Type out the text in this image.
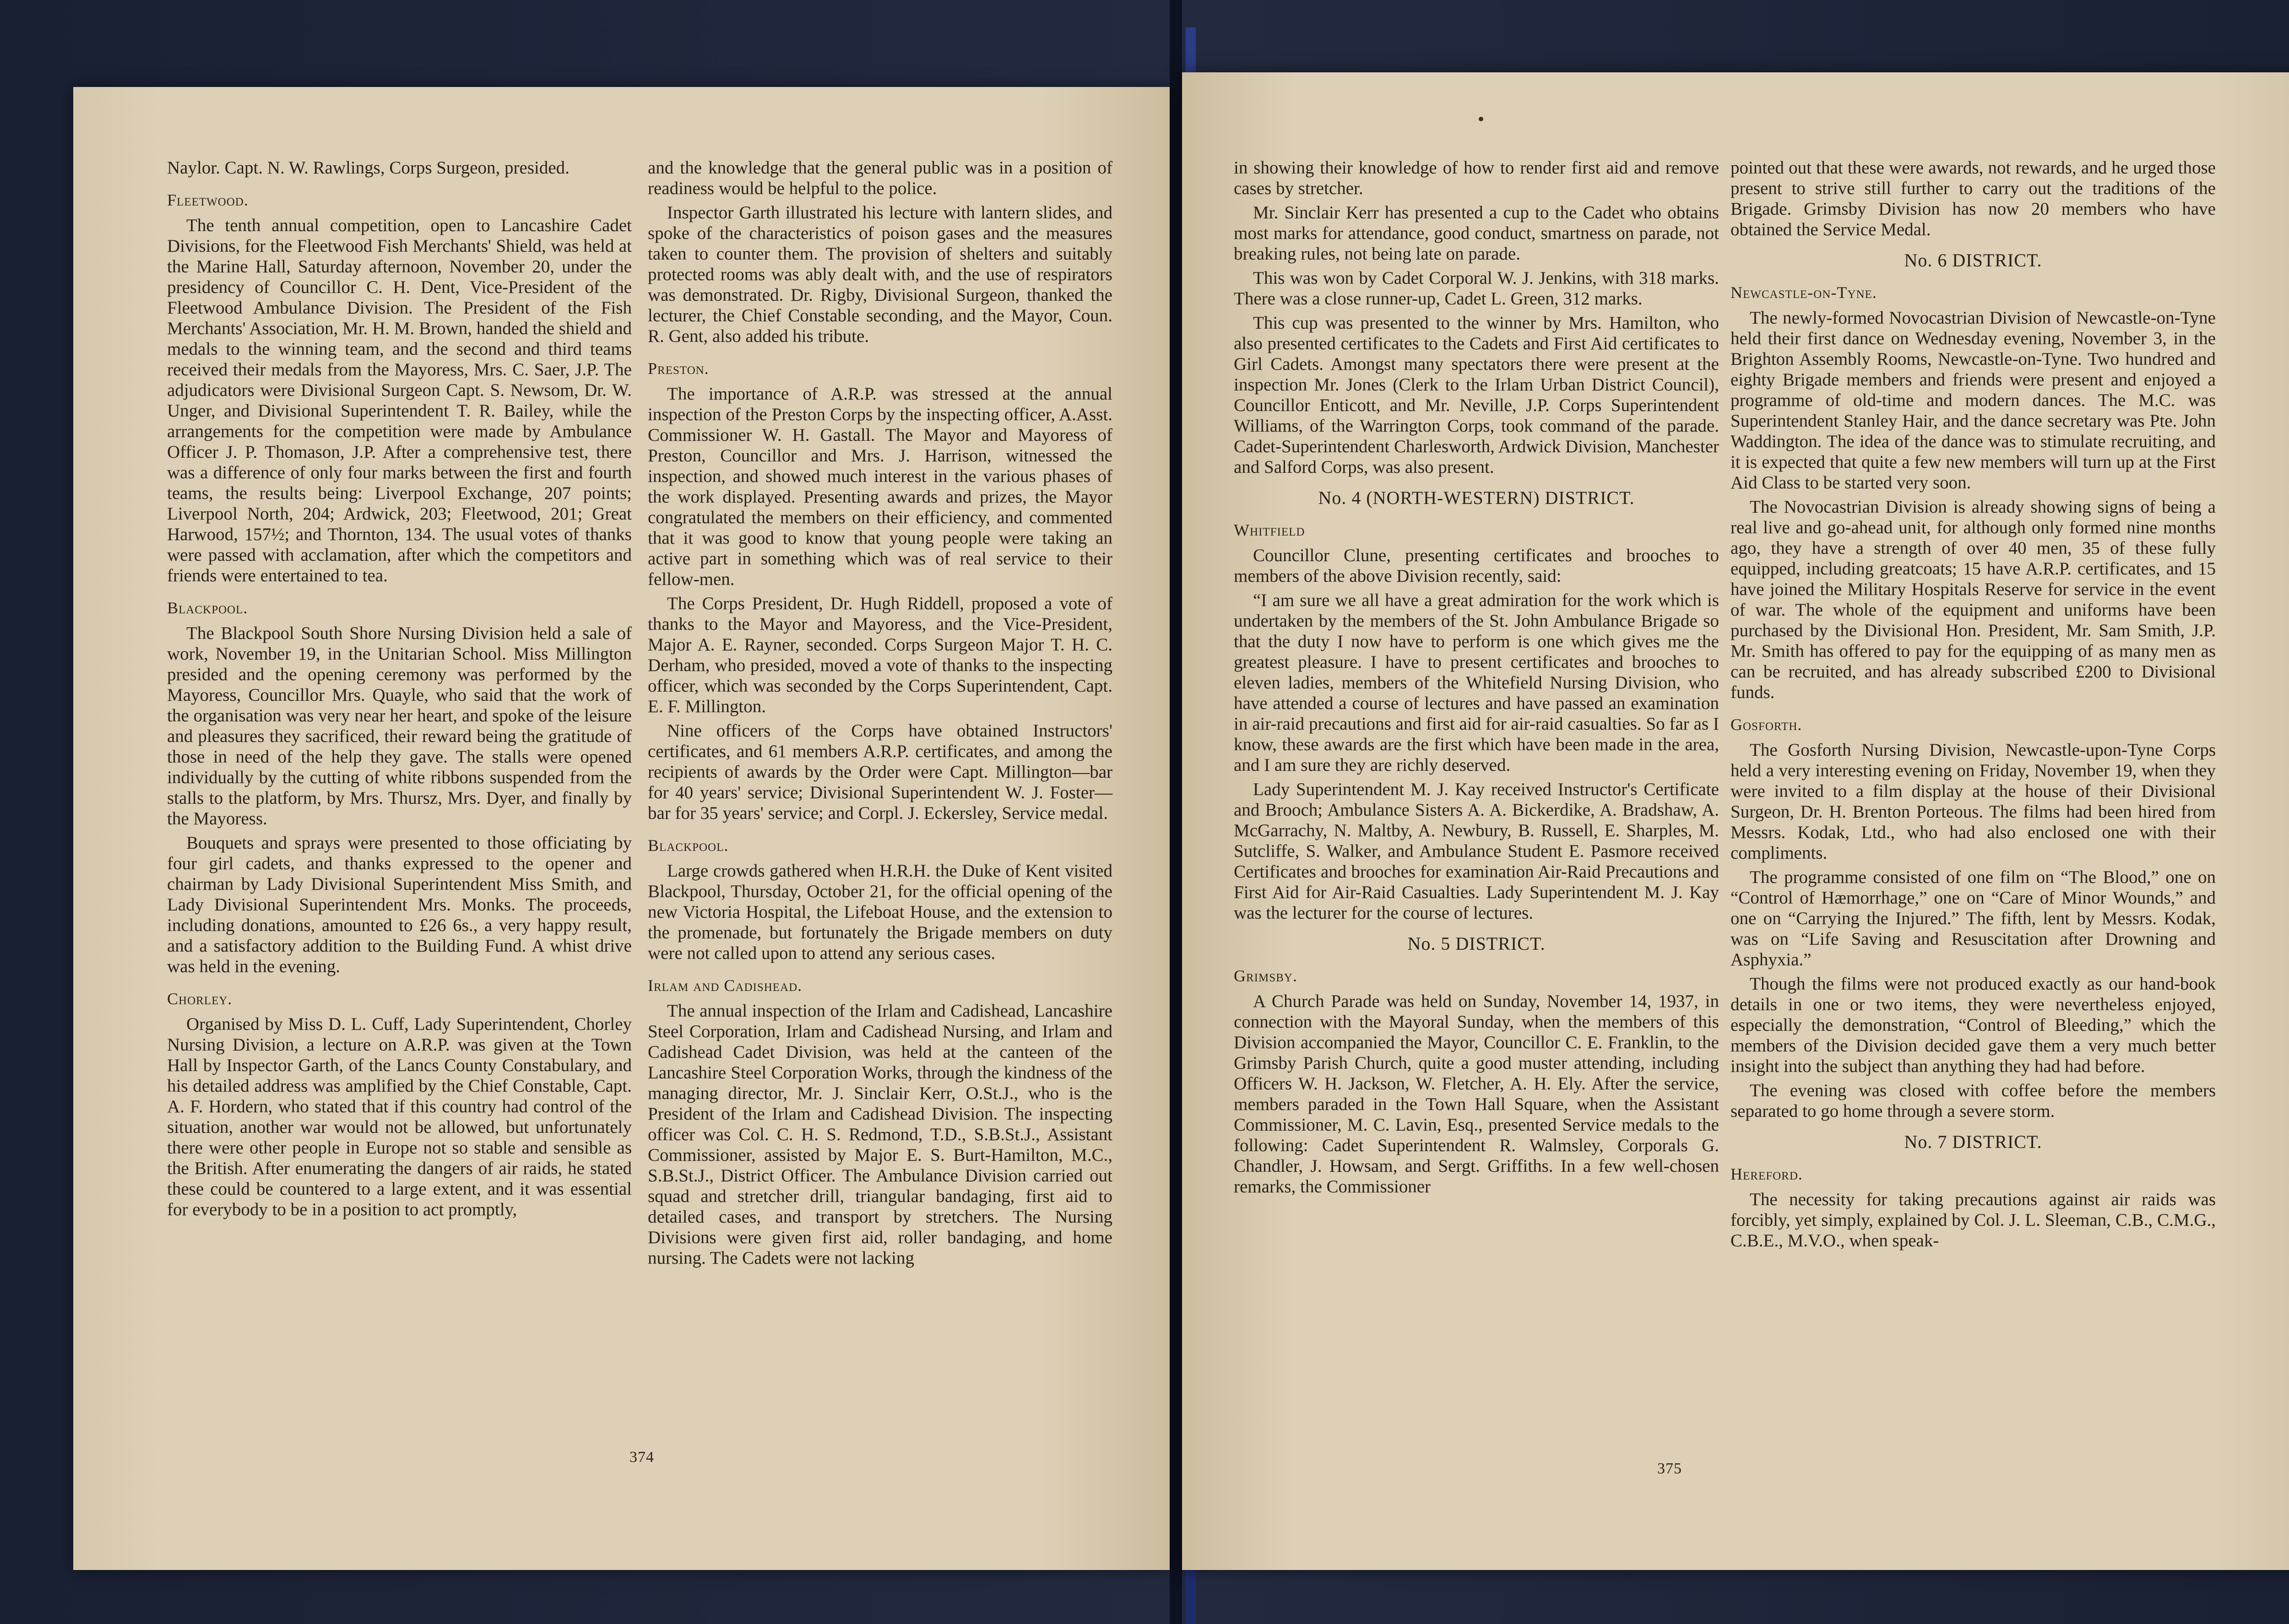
Naylor. Capt. N. W. Rawlings, Corps Surgeon, presided.

Fleetwood.

The tenth annual competition, open to Lancashire Cadet Divisions, for the Fleetwood Fish Merchants' Shield, was held at the Marine Hall, Saturday afternoon, November 20, under the presidency of Councillor C. H. Dent, Vice-President of the Fleetwood Ambulance Division. The President of the Fish Merchants' Association, Mr. H. M. Brown, handed the shield and medals to the winning team, and the second and third teams received their medals from the Mayoress, Mrs. C. Saer, J.P. The adjudicators were Divisional Surgeon Capt. S. Newsom, Dr. W. Unger, and Divisional Superintendent T. R. Bailey, while the arrangements for the competition were made by Ambulance Officer J. P. Thomason, J.P. After a comprehensive test, there was a difference of only four marks between the first and fourth teams, the results being: Liverpool Exchange, 207 points; Liverpool North, 204; Ardwick, 203; Fleetwood, 201; Great Harwood, 157½; and Thornton, 134. The usual votes of thanks were passed with acclamation, after which the competitors and friends were entertained to tea.

Blackpool.

The Blackpool South Shore Nursing Division held a sale of work, November 19, in the Unitarian School. Miss Millington presided and the opening ceremony was performed by the Mayoress, Councillor Mrs. Quayle, who said that the work of the organisation was very near her heart, and spoke of the leisure and pleasures they sacrificed, their reward being the gratitude of those in need of the help they gave. The stalls were opened individually by the cutting of white ribbons suspended from the stalls to the platform, by Mrs. Thursz, Mrs. Dyer, and finally by the Mayoress.

Bouquets and sprays were presented to those officiating by four girl cadets, and thanks expressed to the opener and chairman by Lady Divisional Superintendent Miss Smith, and Lady Divisional Superintendent Mrs. Monks. The proceeds, including donations, amounted to £26 6s., a very happy result, and a satisfactory addition to the Building Fund. A whist drive was held in the evening.

Chorley.

Organised by Miss D. L. Cuff, Lady Superintendent, Chorley Nursing Division, a lecture on A.R.P. was given at the Town Hall by Inspector Garth, of the Lancs County Constabulary, and his detailed address was amplified by the Chief Constable, Capt. A. F. Hordern, who stated that if this country had control of the situation, another war would not be allowed, but unfortunately there were other people in Europe not so stable and sensible as the British. After enumerating the dangers of air raids, he stated these could be countered to a large extent, and it was essential for everybody to be in a position to act promptly,

and the knowledge that the general public was in a position of readiness would be helpful to the police.

Inspector Garth illustrated his lecture with lantern slides, and spoke of the characteristics of poison gases and the measures taken to counter them. The provision of shelters and suitably protected rooms was ably dealt with, and the use of respirators was demonstrated. Dr. Rigby, Divisional Surgeon, thanked the lecturer, the Chief Constable seconding, and the Mayor, Coun. R. Gent, also added his tribute.

Preston.

The importance of A.R.P. was stressed at the annual inspection of the Preston Corps by the inspecting officer, A.Asst. Commissioner W. H. Gastall. The Mayor and Mayoress of Preston, Councillor and Mrs. J. Harrison, witnessed the inspection, and showed much interest in the various phases of the work displayed. Presenting awards and prizes, the Mayor congratulated the members on their efficiency, and commented that it was good to know that young people were taking an active part in something which was of real service to their fellow-men.

The Corps President, Dr. Hugh Riddell, proposed a vote of thanks to the Mayor and Mayoress, and the Vice-President, Major A. E. Rayner, seconded. Corps Surgeon Major T. H. C. Derham, who presided, moved a vote of thanks to the inspecting officer, which was seconded by the Corps Superintendent, Capt. E. F. Millington.

Nine officers of the Corps have obtained Instructors' certificates, and 61 members A.R.P. certificates, and among the recipients of awards by the Order were Capt. Millington—bar for 40 years' service; Divisional Superintendent W. J. Foster—bar for 35 years' service; and Corpl. J. Eckersley, Service medal.

Blackpool.

Large crowds gathered when H.R.H. the Duke of Kent visited Blackpool, Thursday, October 21, for the official opening of the new Victoria Hospital, the Lifeboat House, and the extension to the promenade, but fortunately the Brigade members on duty were not called upon to attend any serious cases.

Irlam and Cadishead.

The annual inspection of the Irlam and Cadishead, Lancashire Steel Corporation, Irlam and Cadishead Nursing, and Irlam and Cadishead Cadet Division, was held at the canteen of the Lancashire Steel Corporation Works, through the kindness of the managing director, Mr. J. Sinclair Kerr, O.St.J., who is the President of the Irlam and Cadishead Division. The inspecting officer was Col. C. H. S. Redmond, T.D., S.B.St.J., Assistant Commissioner, assisted by Major E. S. Burt-Hamilton, M.C., S.B.St.J., District Officer. The Ambulance Division carried out squad and stretcher drill, triangular bandaging, first aid to detailed cases, and transport by stretchers. The Nursing Divisions were given first aid, roller bandaging, and home nursing. The Cadets were not lacking

in showing their knowledge of how to render first aid and remove cases by stretcher.

Mr. Sinclair Kerr has presented a cup to the Cadet who obtains most marks for attendance, good conduct, smartness on parade, not breaking rules, not being late on parade.

This was won by Cadet Corporal W. J. Jenkins, with 318 marks. There was a close runner-up, Cadet L. Green, 312 marks.

This cup was presented to the winner by Mrs. Hamilton, who also presented certificates to the Cadets and First Aid certificates to Girl Cadets. Amongst many spectators there were present at the inspection Mr. Jones (Clerk to the Irlam Urban District Council), Councillor Enticott, and Mr. Neville, J.P. Corps Superintendent Williams, of the Warrington Corps, took command of the parade. Cadet-Superintendent Charlesworth, Ardwick Division, Manchester and Salford Corps, was also present.

No. 4 (NORTH-WESTERN) DISTRICT.

Whitfield

Councillor Clune, presenting certificates and brooches to members of the above Division recently, said:

“I am sure we all have a great admiration for the work which is undertaken by the members of the St. John Ambulance Brigade so that the duty I now have to perform is one which gives me the greatest pleasure. I have to present certificates and brooches to eleven ladies, members of the Whitefield Nursing Division, who have attended a course of lectures and have passed an examination in air-raid precautions and first aid for air-raid casualties. So far as I know, these awards are the first which have been made in the area, and I am sure they are richly deserved.

Lady Superintendent M. J. Kay received Instructor's Certificate and Brooch; Ambulance Sisters A. A. Bickerdike, A. Bradshaw, A. McGarrachy, N. Maltby, A. Newbury, B. Russell, E. Sharples, M. Sutcliffe, S. Walker, and Ambulance Student E. Pasmore received Certificates and brooches for examination Air-Raid Precautions and First Aid for Air-Raid Casualties. Lady Superintendent M. J. Kay was the lecturer for the course of lectures.

No. 5 DISTRICT.

Grimsby.

A Church Parade was held on Sunday, November 14, 1937, in connection with the Mayoral Sunday, when the members of this Division accompanied the Mayor, Councillor C. E. Franklin, to the Grimsby Parish Church, quite a good muster attending, including Officers W. H. Jackson, W. Fletcher, A. H. Ely. After the service, members paraded in the Town Hall Square, when the Assistant Commissioner, M. C. Lavin, Esq., presented Service medals to the following: Cadet Superintendent R. Walmsley, Corporals G. Chandler, J. Howsam, and Sergt. Griffiths. In a few well-chosen remarks, the Commissioner

pointed out that these were awards, not rewards, and he urged those present to strive still further to carry out the traditions of the Brigade. Grimsby Division has now 20 members who have obtained the Service Medal.

No. 6 DISTRICT.

Newcastle-on-Tyne.

The newly-formed Novocastrian Division of Newcastle-on-Tyne held their first dance on Wednesday evening, November 3, in the Brighton Assembly Rooms, Newcastle-on-Tyne. Two hundred and eighty Brigade members and friends were present and enjoyed a programme of old-time and modern dances. The M.C. was Superintendent Stanley Hair, and the dance secretary was Pte. John Waddington. The idea of the dance was to stimulate recruiting, and it is expected that quite a few new members will turn up at the First Aid Class to be started very soon.

The Novocastrian Division is already showing signs of being a real live and go-ahead unit, for although only formed nine months ago, they have a strength of over 40 men, 35 of these fully equipped, including greatcoats; 15 have A.R.P. certificates, and 15 have joined the Military Hospitals Reserve for service in the event of war. The whole of the equipment and uniforms have been purchased by the Divisional Hon. President, Mr. Sam Smith, J.P. Mr. Smith has offered to pay for the equipping of as many men as can be recruited, and has already subscribed £200 to Divisional funds.

Gosforth.

The Gosforth Nursing Division, Newcastle-upon-Tyne Corps held a very interesting evening on Friday, November 19, when they were invited to a film display at the house of their Divisional Surgeon, Dr. H. Brenton Porteous. The films had been hired from Messrs. Kodak, Ltd., who had also enclosed one with their compliments.

The programme consisted of one film on “The Blood,” one on “Control of Hæmorrhage,” one on “Care of Minor Wounds,” and one on “Carrying the Injured.” The fifth, lent by Messrs. Kodak, was on “Life Saving and Resuscitation after Drowning and Asphyxia.”

Though the films were not produced exactly as our hand-book details in one or two items, they were nevertheless enjoyed, especially the demonstration, “Control of Bleeding,” which the members of the Division decided gave them a very much better insight into the subject than anything they had had before.

The evening was closed with coffee before the members separated to go home through a severe storm.

No. 7 DISTRICT.

Hereford.

The necessity for taking precautions against air raids was forcibly, yet simply, explained by Col. J. L. Sleeman, C.B., C.M.G., C.B.E., M.V.O., when speak-

374
375
